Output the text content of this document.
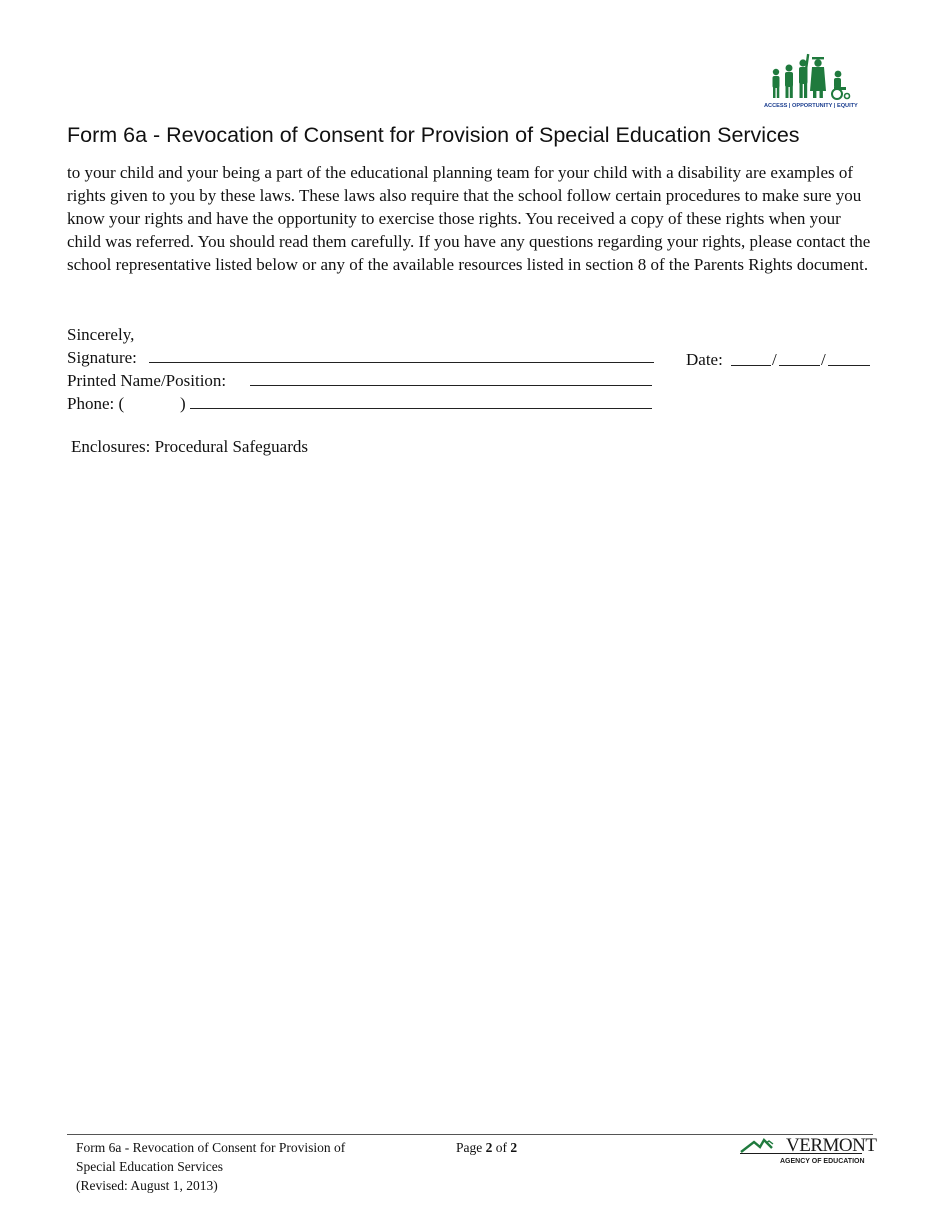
ACCESS | OPPORTUNITY | EQUITY
Form 6a - Revocation of Consent for Provision of Special Education Services

to your child and your being a part of the educational planning team for your child with a disability are examples of rights given to you by these laws. These laws also require that the school follow certain procedures to make sure you know your rights and have the opportunity to exercise those rights. You received a copy of these rights when your child was referred. You should read them carefully. If you have any questions regarding your rights, please contact the school representative listed below or any of the available resources listed in section 8 of the Parents Rights document.

Sincerely,
Signature:	Date:	/	/
Printed Name/Position:
Phone: (	)
Enclosures: Procedural Safeguards
Form 6a - Revocation of Consent for Provision of
Special Education Services
(Revised: August 1, 2013)
Page 2 of 2	VERMONT
AGENCY OF EDUCATION
